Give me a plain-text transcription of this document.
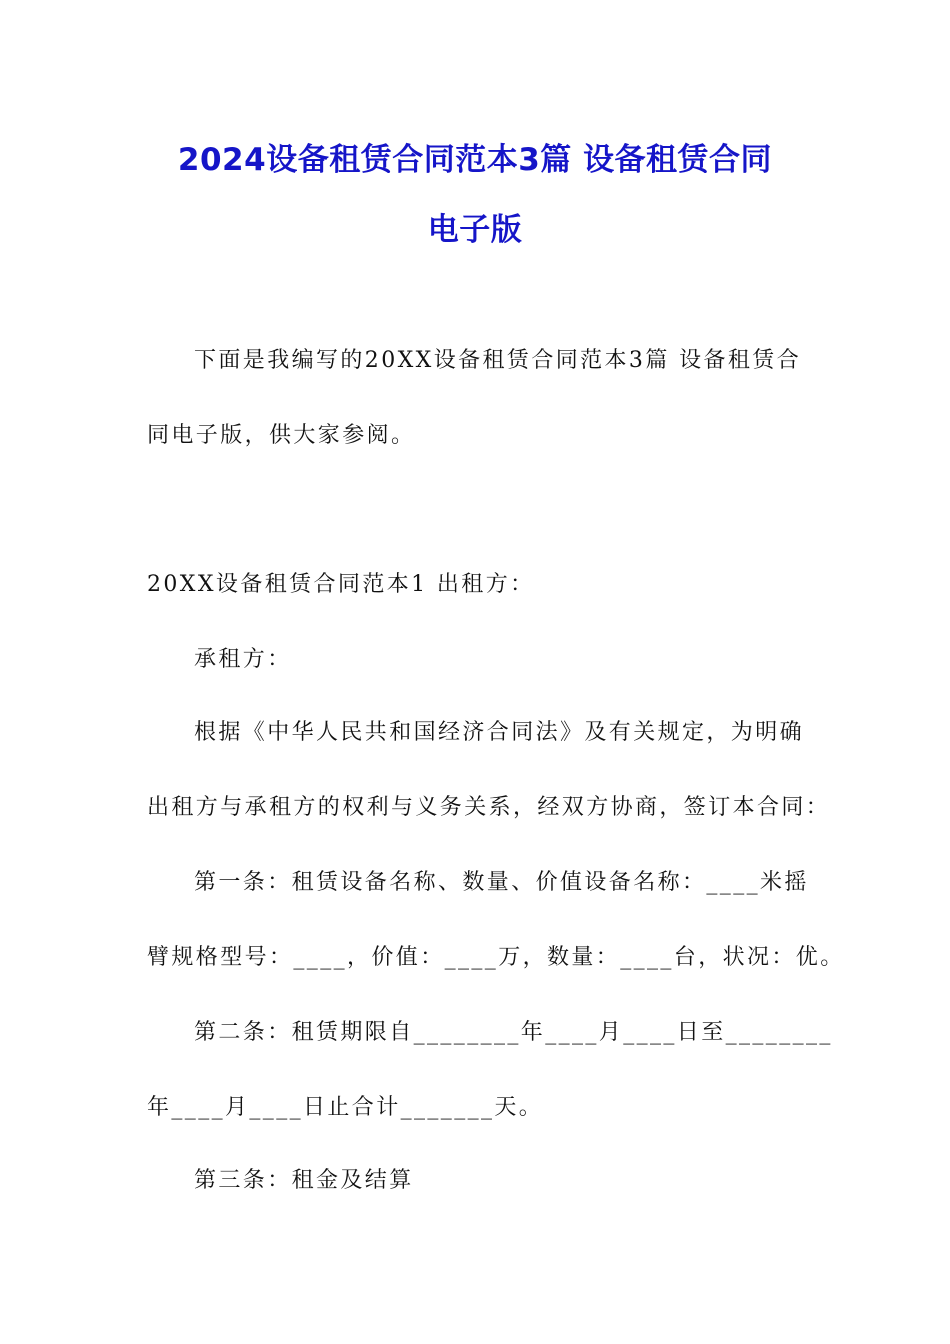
2024设备租赁合同范本3篇 设备租赁合同
电子版
下面是我编写的20XX设备租赁合同范本3篇 设备租赁合
同电子版，供大家参阅。
20XX设备租赁合同范本1 出租方：
承租方：
根据《中华人民共和国经济合同法》及有关规定，为明确
出租方与承租方的权利与义务关系，经双方协商，签订本合同：
第一条：租赁设备名称、数量、价值设备名称：____米摇
臂规格型号：____，价值：____万，数量：____台，状况：优。
第二条：租赁期限自________年____月____日至________
年____月____日止合计_______天。
第三条：租金及结算
